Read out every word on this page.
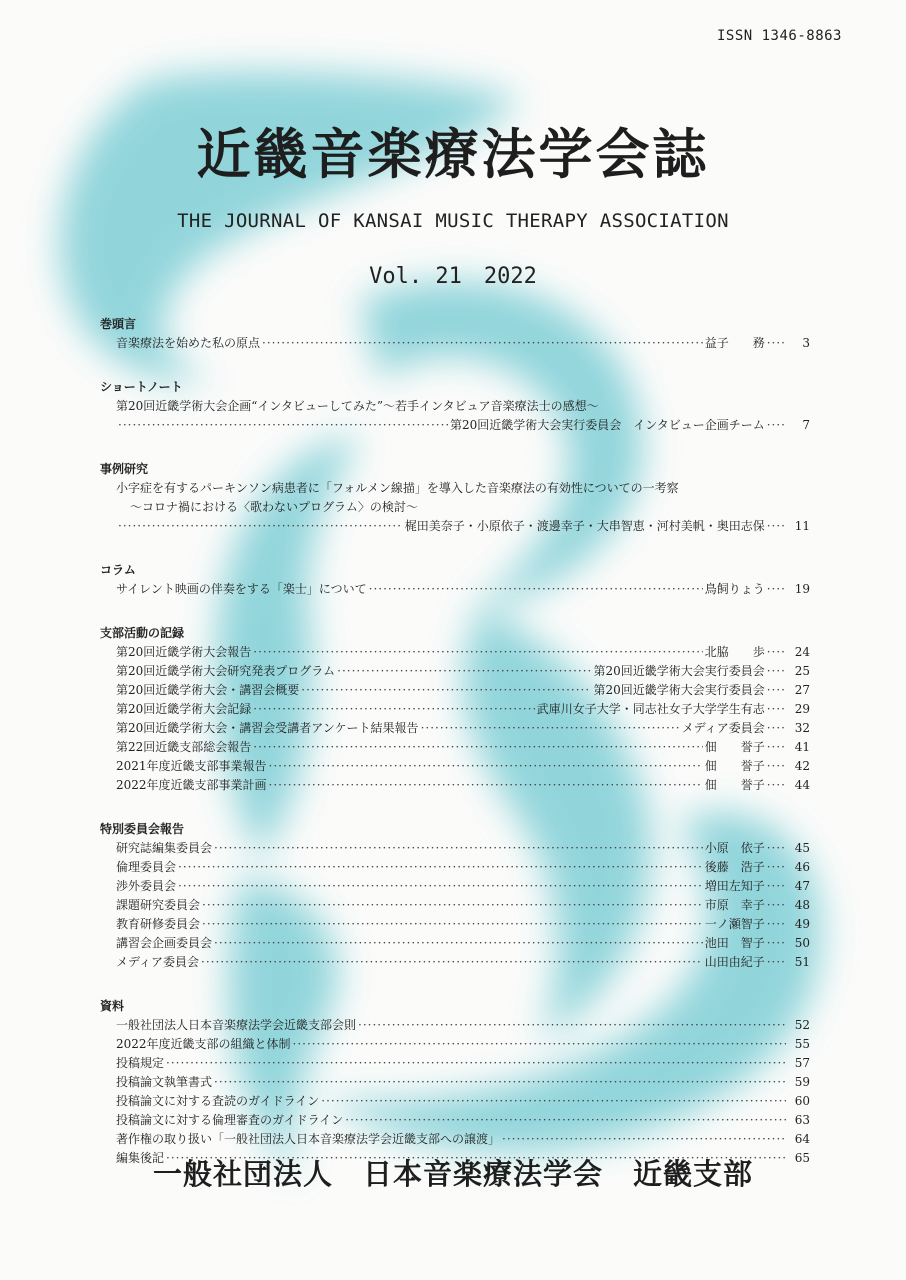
ISSN 1346-8863
近畿音楽療法学会誌
THE JOURNAL OF KANSAI MUSIC THERAPY ASSOCIATION
Vol. 21　2022
巻頭言
音楽療法を始めた私の原点 ·····	益子　　務 ····	3
ショートノート
第20回近畿学術大会企画“インタビューしてみた”～若手インタビュア音楽療法士の感想～
·····
第20回近畿学術大会実行委員会　インタビュー企画チーム ····	7
事例研究
小字症を有するパーキンソン病患者に「フォルメン線描」を導入した音楽療法の有効性についての一考察
～コロナ禍における〈歌わないプログラム〉の検討～
·····
梶田美奈子・小原依子・渡邊幸子・大串智恵・河村美帆・奥田志保 ···· 11
コラム
サイレント映画の伴奏をする「楽士」について ·····	鳥飼りょう ···· 19
支部活動の記録
第20回近畿学術大会報告 ·····	北脇　　歩 ···· 24
第20回近畿学術大会研究発表プログラム ·····	第20回近畿学術大会実行委員会 ···· 25
第20回近畿学術大会・講習会概要 ·····	第20回近畿学術大会実行委員会 ···· 27
第20回近畿学術大会記録 ·····	武庫川女子大学・同志社女子大学学生有志 ···· 29
第20回近畿学術大会・講習会受講者アンケート結果報告 ·····	メディア委員会 ···· 32
第22回近畿支部総会報告 ·····	佃　　誉子 ···· 41
2021年度近畿支部事業報告 ·····	佃　　誉子 ···· 42
2022年度近畿支部事業計画 ·····	佃　　誉子 ···· 44
特別委員会報告
研究誌編集委員会 ·····	小原　依子 ···· 45
倫理委員会 ·····	後藤　浩子 ···· 46
渉外委員会 ·····	増田左知子 ···· 47
課題研究委員会 ·····	市原　幸子 ···· 48
教育研修委員会 ·····	一ノ瀬智子 ···· 49
講習会企画委員会 ·····	池田　智子 ···· 50
メディア委員会 ·····	山田由紀子 ···· 51
資料
一般社団法人日本音楽療法学会近畿支部会則 ·····	52
2022年度近畿支部の組織と体制 ·····	55
投稿規定 ·····	57
投稿論文執筆書式 ·····	59
投稿論文に対する査読のガイドライン ·····	60
投稿論文に対する倫理審査のガイドライン ·····	63
著作権の取り扱い「一般社団法人日本音楽療法学会近畿支部への譲渡」 ·····	64
編集後記 ·····	65
一般社団法人　日本音楽療法学会　近畿支部
